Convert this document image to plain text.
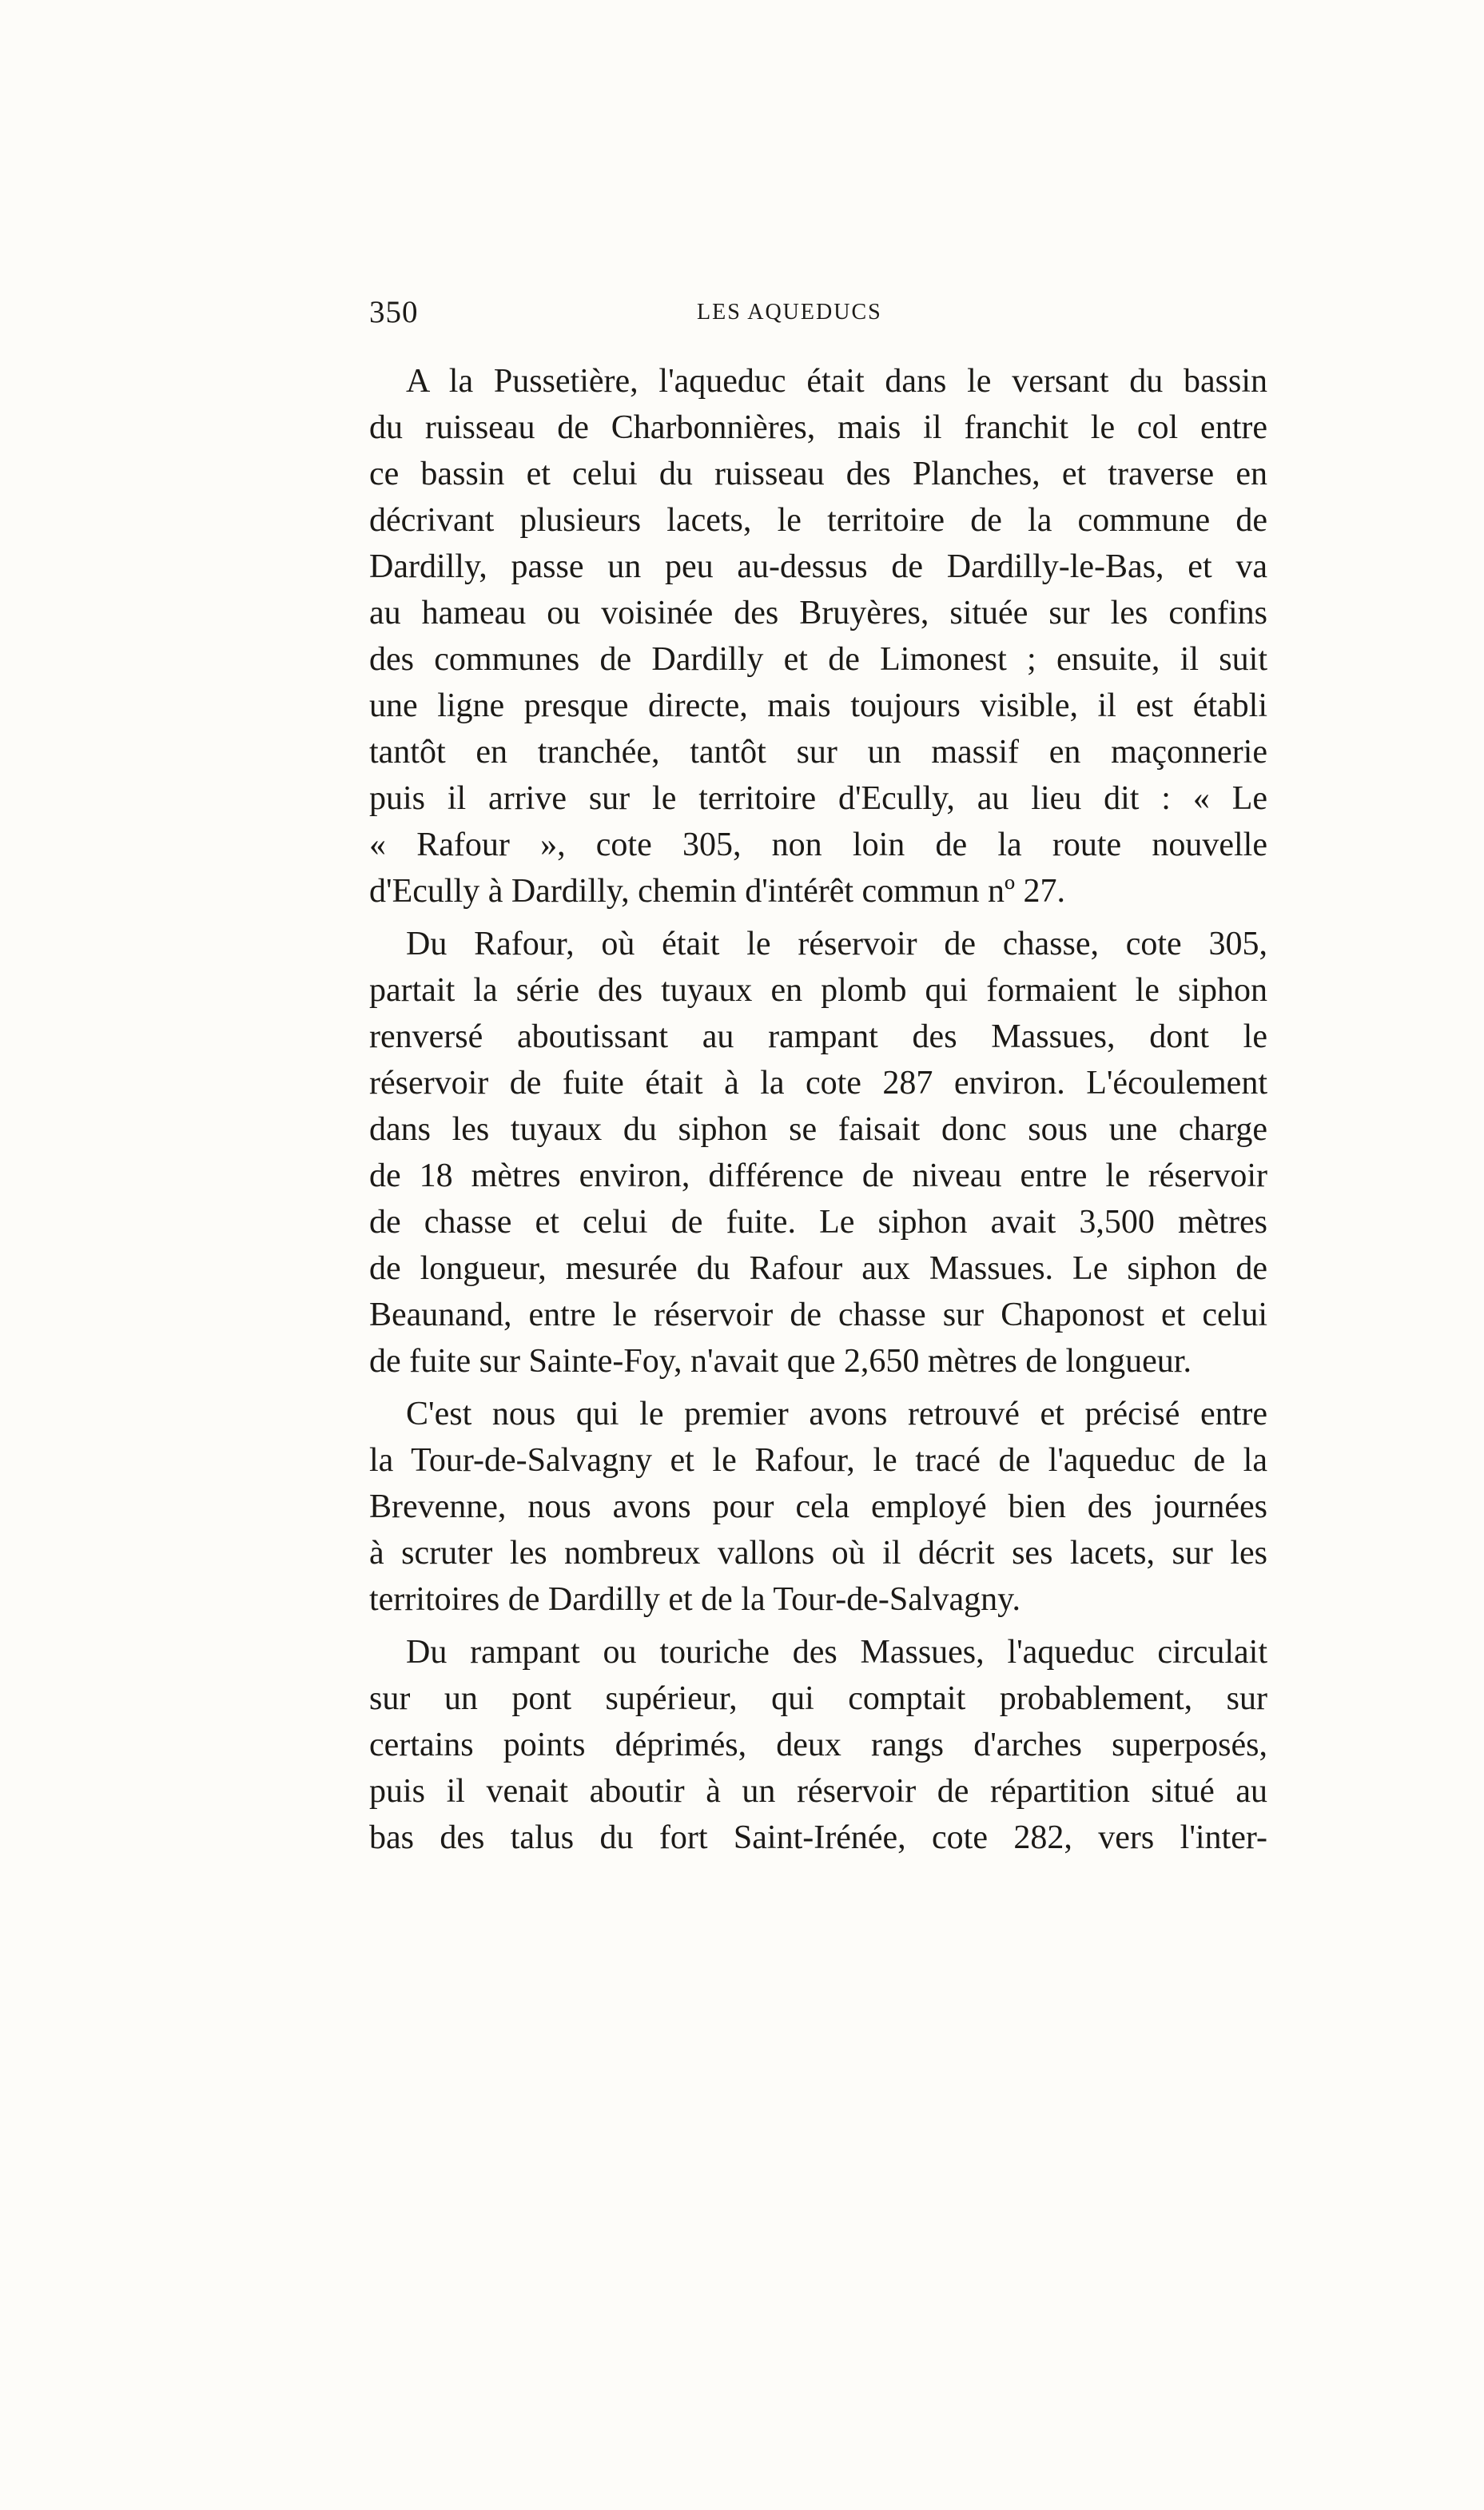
350	LES AQUEDUCS

A la Pussetière, l'aqueduc était dans le versant du bassin
du ruisseau de Charbonnières, mais il franchit le col entre
ce bassin et celui du ruisseau des Planches, et traverse en
décrivant plusieurs lacets, le territoire de la commune de
Dardilly, passe un peu au-dessus de Dardilly-le-Bas, et va
au hameau ou voisinée des Bruyères, située sur les confins
des communes de Dardilly et de Limonest ; ensuite, il suit
une ligne presque directe, mais toujours visible, il est établi
tantôt en tranchée, tantôt sur un massif en maçonnerie
puis il arrive sur le territoire d'Ecully, au lieu dit : « Le
« Rafour », cote 305, non loin de la route nouvelle
d'Ecully à Dardilly, chemin d'intérêt commun nº 27.

Du Rafour, où était le réservoir de chasse, cote 305,
partait la série des tuyaux en plomb qui formaient le siphon
renversé aboutissant au rampant des Massues, dont le
réservoir de fuite était à la cote 287 environ. L'écoulement
dans les tuyaux du siphon se faisait donc sous une charge
de 18 mètres environ, différence de niveau entre le réservoir
de chasse et celui de fuite. Le siphon avait 3,500 mètres
de longueur, mesurée du Rafour aux Massues. Le siphon de
Beaunand, entre le réservoir de chasse sur Chaponost et celui
de fuite sur Sainte-Foy, n'avait que 2,650 mètres de longueur.

C'est nous qui le premier avons retrouvé et précisé entre
la Tour-de-Salvagny et le Rafour, le tracé de l'aqueduc de la
Brevenne, nous avons pour cela employé bien des journées
à scruter les nombreux vallons où il décrit ses lacets, sur les
territoires de Dardilly et de la Tour-de-Salvagny.

Du rampant ou touriche des Massues, l'aqueduc circulait
sur un pont supérieur, qui comptait probablement, sur
certains points déprimés, deux rangs d'arches superposés,
puis il venait aboutir à un réservoir de répartition situé au
bas des talus du fort Saint-Irénée, cote 282, vers l'inter-
